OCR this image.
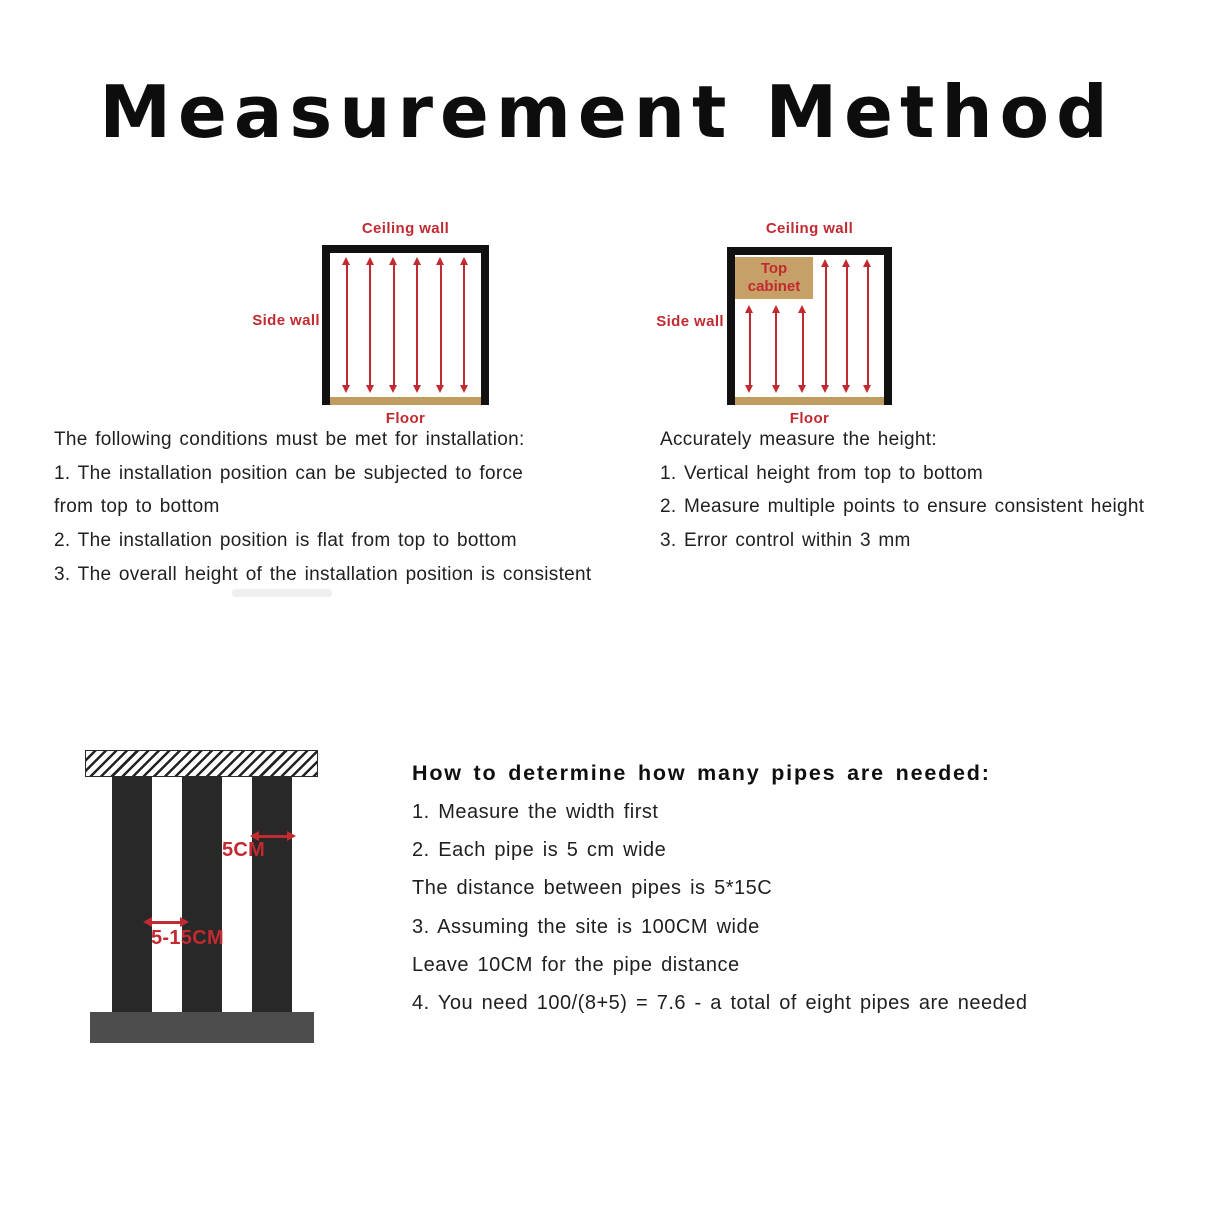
Measurement Method
Ceiling wall
Side wall
Floor
Ceiling wall
Side wall
Top cabinet
Floor
The following conditions must be met for installation:
1. The installation position can be subjected to force
from top to bottom
2. The installation position is flat from top to bottom
3. The overall height of the installation position is consistent
Accurately measure the height:
1. Vertical height from top to bottom
2. Measure multiple points to ensure consistent height
3. Error control within 3 mm
5CM
5-15CM
How to determine how many pipes are needed:
1. Measure the width first
2. Each pipe is 5 cm wide
The distance between pipes is 5*15C
3. Assuming the site is 100CM wide
Leave 10CM for the pipe distance
4. You need 100/(8+5) = 7.6 - a total of eight pipes are needed
